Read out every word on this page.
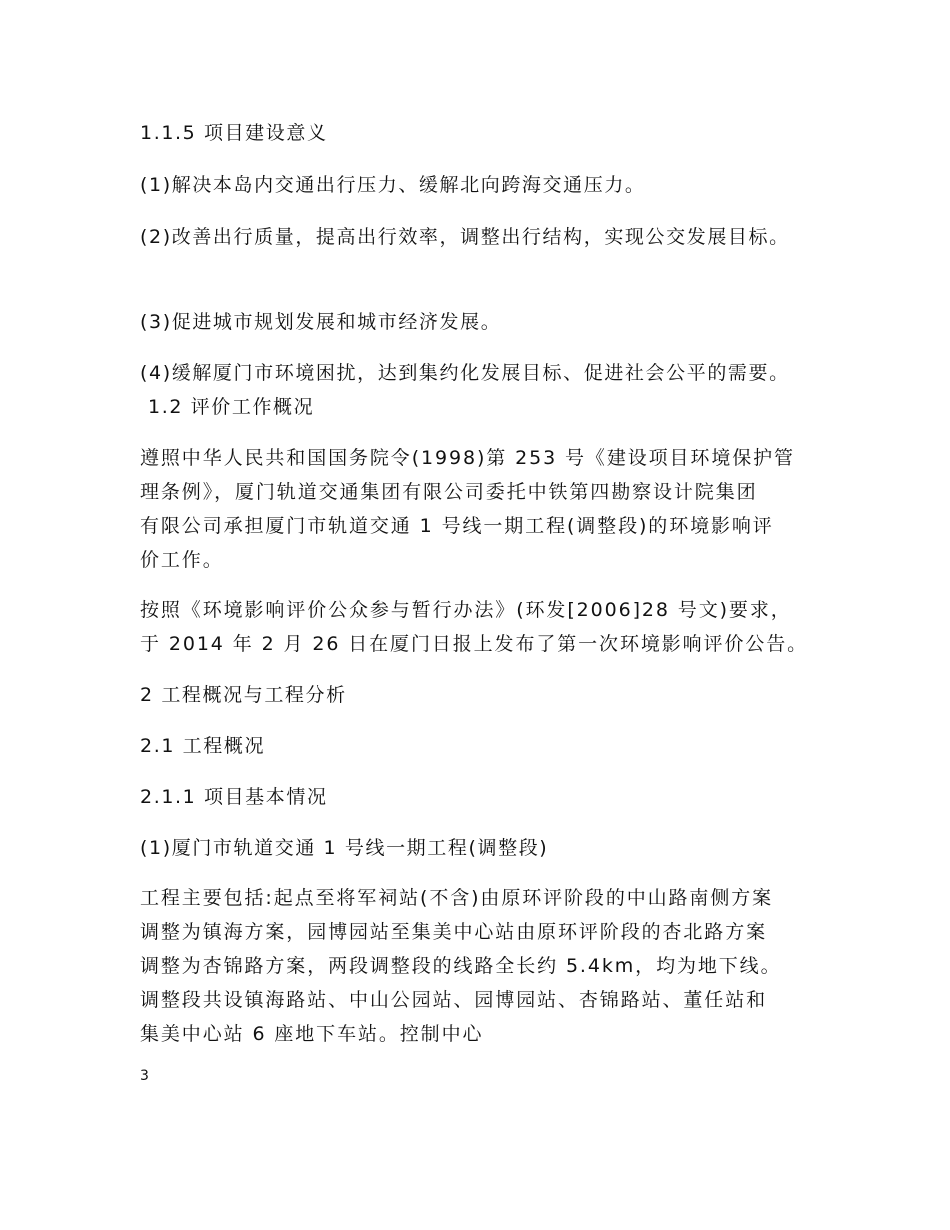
1.1.5 项目建设意义
(1)解决本岛内交通出行压力、缓解北向跨海交通压力。
(2)改善出行质量，提高出行效率，调整出行结构，实现公交发展目标。
(3)促进城市规划发展和城市经济发展。
(4)缓解厦门市环境困扰，达到集约化发展目标、促进社会公平的需要。
1.2 评价工作概况
遵照中华人民共和国国务院令(1998)第 253 号《建设项目环境保护管
理条例》，厦门轨道交通集团有限公司委托中铁第四勘察设计院集团
有限公司承担厦门市轨道交通 1 号线一期工程(调整段)的环境影响评
价工作。
按照《环境影响评价公众参与暂行办法》(环发[2006]28 号文)要求，
于 2014 年 2 月 26 日在厦门日报上发布了第一次环境影响评价公告。
2 工程概况与工程分析
2.1 工程概况
2.1.1 项目基本情况
(1)厦门市轨道交通 1 号线一期工程(调整段)
工程主要包括:起点至将军祠站(不含)由原环评阶段的中山路南侧方案
调整为镇海方案，园博园站至集美中心站由原环评阶段的杏北路方案
调整为杏锦路方案，两段调整段的线路全长约 5.4km，均为地下线。
调整段共设镇海路站、中山公园站、园博园站、杏锦路站、董任站和
集美中心站 6 座地下车站。控制中心
3
